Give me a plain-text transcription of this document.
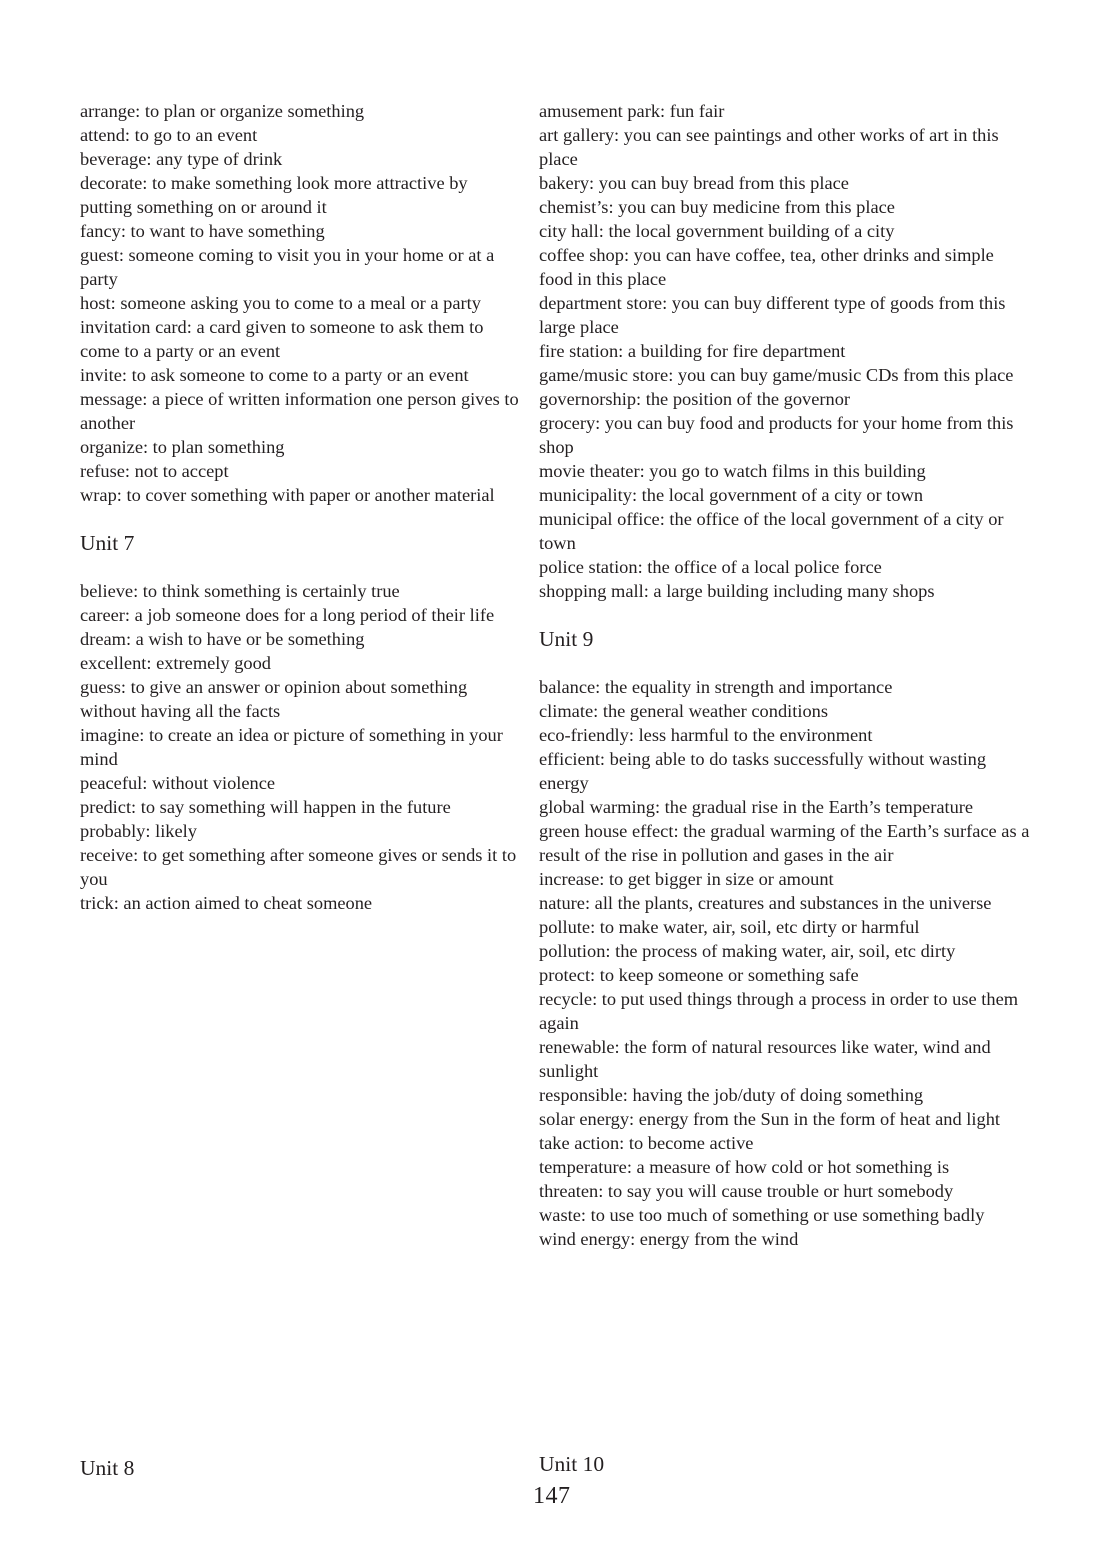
arrange: to plan or organize something
attend: to go to an event
beverage: any type of drink
decorate: to make something look more attractive by putting something on or around it
fancy: to want to have something
guest: someone coming to visit you in your home or at a party
host: someone asking you to come to a meal or a party
invitation card: a card given to someone to ask them to come to a party or an event
invite: to ask someone to come to a party or an event
message: a piece of written information one person gives to another
organize: to plan something
refuse: not to accept
wrap: to cover something with paper or another material
Unit 7
believe: to think something is certainly true
career: a job someone does for a long period of their life
dream: a wish to have or be something
excellent: extremely good
guess: to give an answer or opinion about something without having all the facts
imagine: to create an idea or picture of something in your mind
peaceful: without violence
predict: to say something will happen in the future
probably: likely
receive: to get something after someone gives or sends it to you
trick: an action aimed to cheat someone
amusement park: fun fair
art gallery: you can see paintings and other works of art in this place
bakery: you can buy bread from this place
chemist’s: you can buy medicine from this place
city hall: the local government building of a city
coffee shop: you can have coffee, tea, other drinks and simple food in this place
department store: you can buy different type of goods from this large place
fire station: a building for fire department
game/music store: you can buy game/music CDs from this place
governorship: the position of the governor
grocery: you can buy food and products for your home from this shop
movie theater: you go to watch films in this building
municipality: the local government of a city or town
municipal office: the office of the local government of a city or town
police station: the office of a local police force
shopping mall: a large building including many shops
Unit 9
balance: the equality in strength and importance
climate: the general weather conditions
eco-friendly: less harmful to the environment
efficient: being able to do tasks successfully without wasting energy
global warming: the gradual rise in the Earth’s temperature
green house effect: the gradual warming of the Earth’s surface as a result of the rise in pollution and gases in the air
increase: to get bigger in size or amount
nature: all the plants, creatures and substances in the universe
pollute: to make water, air, soil, etc dirty or harmful
pollution: the process of making water, air, soil, etc dirty
protect: to keep someone or something safe
recycle: to put used things through a process in order to use them again
renewable: the form of natural resources like water, wind and sunlight
responsible: having the job/duty of doing something
solar energy: energy from the Sun in the form of heat and light
take action: to become active
temperature: a measure of how cold or hot something is
threaten: to say you will cause trouble or hurt somebody
waste: to use too much of something or use something badly
wind energy: energy from the wind
Unit 8	Unit 10
147
